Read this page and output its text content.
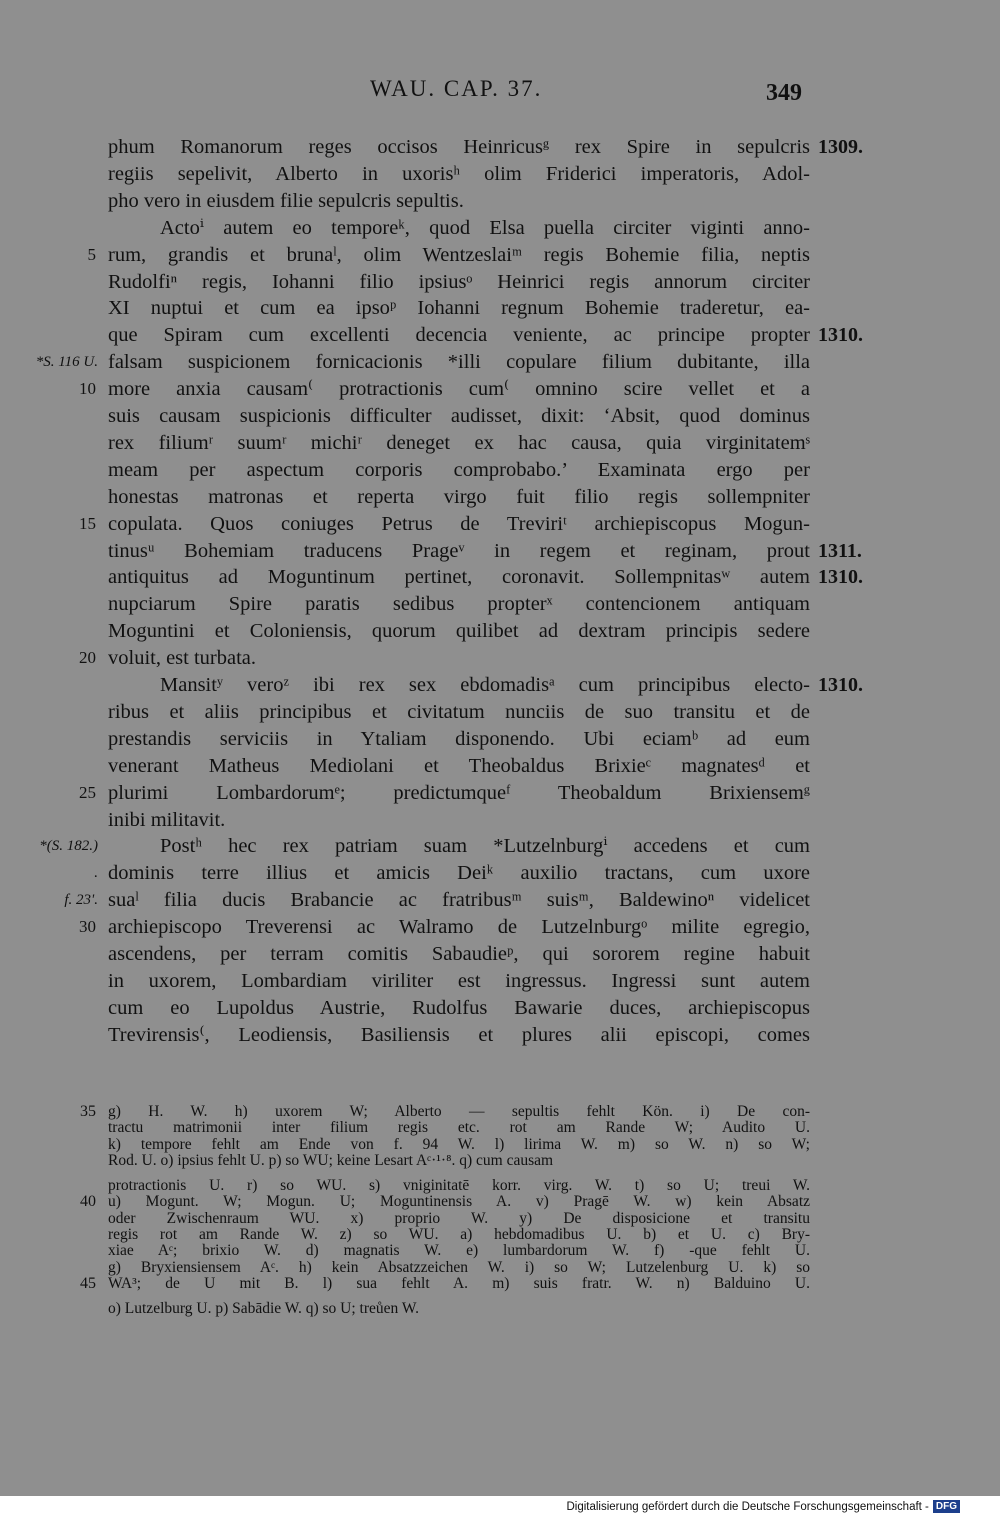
WAU. CAP. 37.	349
phum Romanorum reges occisos Heinricusᵍ rex Spire in sepulcris 1309.
regiis sepelivit, Alberto in uxorisʰ olim Friderici imperatoris, Adol-
pho vero in eiusdem filie sepulcris sepultis.
Actoⁱ autem eo temporeᵏ, quod Elsa puella circiter viginti anno-
rum, grandis et brunaˡ, olim Wentzeslaiᵐ regis Bohemie filia, neptis
5
Rudolfiⁿ regis, Iohanni filio ipsiusᵒ Heinrici regis annorum circiter
XI nuptui et cum ea ipsoᵖ Iohanni regnum Bohemie traderetur, ea-
que Spiram cum excellenti decencia veniente, ac principe propter 1310.
falsam suspicionem fornicacionis *illi copulare filium dubitante, illa
*S. 116 U.
more anxia causam⁽ protractionis cum⁽ omnino scire vellet et a
10
suis causam suspicionis difficulter audisset, dixit: ‘Absit, quod dominus
rex filiumʳ suumʳ michiʳ deneget ex hac causa, quia virginitatemˢ
meam per aspectum corporis comprobabo.’ Examinata ergo per
honestas matronas et reperta virgo fuit filio regis sollempniter
copulata. Quos coniuges Petrus de Treviriᵗ archiepiscopus Mogun-
15
tinusᵘ Bohemiam traducens Prageᵛ in regem et reginam, prout 1311.
antiquitus ad Moguntinum pertinet, coronavit. Sollempnitasʷ autem 1310.
nupciarum Spire paratis sedibus propterˣ contencionem antiquam
Moguntini et Coloniensis, quorum quilibet ad dextram principis sedere
voluit, est turbata.
20
Mansitʸ veroᶻ ibi rex sex ebdomadisᵃ cum principibus electo- 1310.
ribus et aliis principibus et civitatum nunciis de suo transitu et de
prestandis serviciis in Ytaliam disponendo. Ubi eciamᵇ ad eum
venerant Matheus Mediolani et Theobaldus Brixieᶜ magnatesᵈ et
plurimi Lombardorumᵉ; predictumqueᶠ Theobaldum Brixiensemᵍ
25
inibi militavit.
Postʰ hec rex patriam suam *Lutzelnburgⁱ accedens et cum
*(S. 182.)
dominis terre illius et amicis Deiᵏ auxilio tractans, cum uxore
.
suaˡ filia ducis Brabancie ac fratribusᵐ suisᵐ, Baldewinoⁿ videlicet
f. 23'.
archiepiscopo Treverensi ac Walramo de Lutzelnburgᵒ milite egregio,
30
ascendens, per terram comitis Sabaudieᵖ, qui sororem regine habuit
in uxorem, Lombardiam viriliter est ingressus. Ingressi sunt autem
cum eo Lupoldus Austrie, Rudolfus Bawarie duces, archiepiscopus
Trevirensis⁽, Leodiensis, Basiliensis et plures alii episcopi, comes
g) H. W. h) uxorem W; Alberto — sepultis fehlt Kön. i) De con-
35
tractu matrimonii inter filium regis etc. rot am Rande W; Audito U.
k) tempore fehlt am Ende von f. 94 W. l) lirima W. m) so W. n) so W;
Rod. U. o) ipsius fehlt U. p) so WU; keine Lesart Aᶜ·¹·⁸. q) cum causam
protractionis U. r) so WU. s) vniginitatē korr. virg. W. t) so U; treui W.
u) Mogunt. W; Mogun. U; Moguntinensis A. v) Pragē W. w) kein Absatz
40
oder Zwischenraum WU. x) proprio W. y) De disposicione et transitu
regis rot am Rande W. z) so WU. a) hebdomadibus U. b) et U. c) Bry-
xiae Aᶜ; brixio W. d) magnatis W. e) lumbardorum W. f) -que fehlt U.
g) Bryxiensiensem Aᶜ. h) kein Absatzzeichen W. i) so W; Lutzelenburg U. k) so
WA³; de U mit B. l) sua fehlt A. m) suis fratr. W. n) Balduino U.
45
o) Lutzelburg U. p) Sabādie W. q) so U; treůen W.
Digitalisierung gefördert durch die Deutsche Forschungsgemeinschaft - DFG
